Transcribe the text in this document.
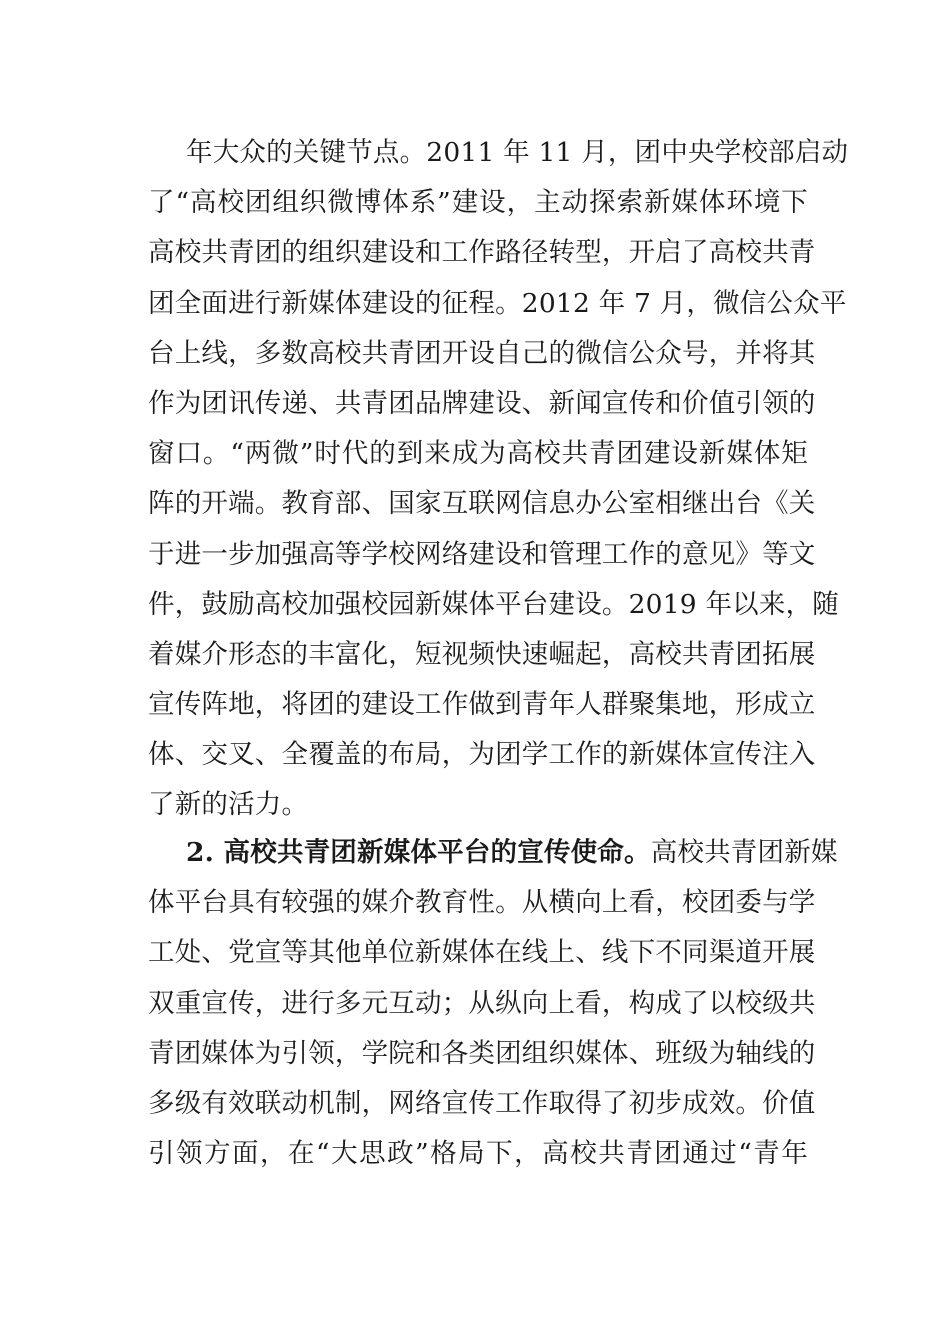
年大众的关键节点。2011 年 11 月，团中央学校部启动
了“高校团组织微博体系”建设，主动探索新媒体环境下
高校共青团的组织建设和工作路径转型，开启了高校共青
团全面进行新媒体建设的征程。2012 年 7 月，微信公众平
台上线，多数高校共青团开设自己的微信公众号，并将其
作为团讯传递、共青团品牌建设、新闻宣传和价值引领的
窗口。“两微”时代的到来成为高校共青团建设新媒体矩
阵的开端。教育部、国家互联网信息办公室相继出台《关
于进一步加强高等学校网络建设和管理工作的意见》等文
件，鼓励高校加强校园新媒体平台建设。2019 年以来，随
着媒介形态的丰富化，短视频快速崛起，高校共青团拓展
宣传阵地，将团的建设工作做到青年人群聚集地，形成立
体、交叉、全覆盖的布局，为团学工作的新媒体宣传注入
了新的活力。
2. 高校共青团新媒体平台的宣传使命。高校共青团新媒
体平台具有较强的媒介教育性。从横向上看，校团委与学
工处、党宣等其他单位新媒体在线上、线下不同渠道开展
双重宣传，进行多元互动；从纵向上看，构成了以校级共
青团媒体为引领，学院和各类团组织媒体、班级为轴线的
多级有效联动机制，网络宣传工作取得了初步成效。价值
引领方面，在“大思政”格局下，高校共青团通过“青年
